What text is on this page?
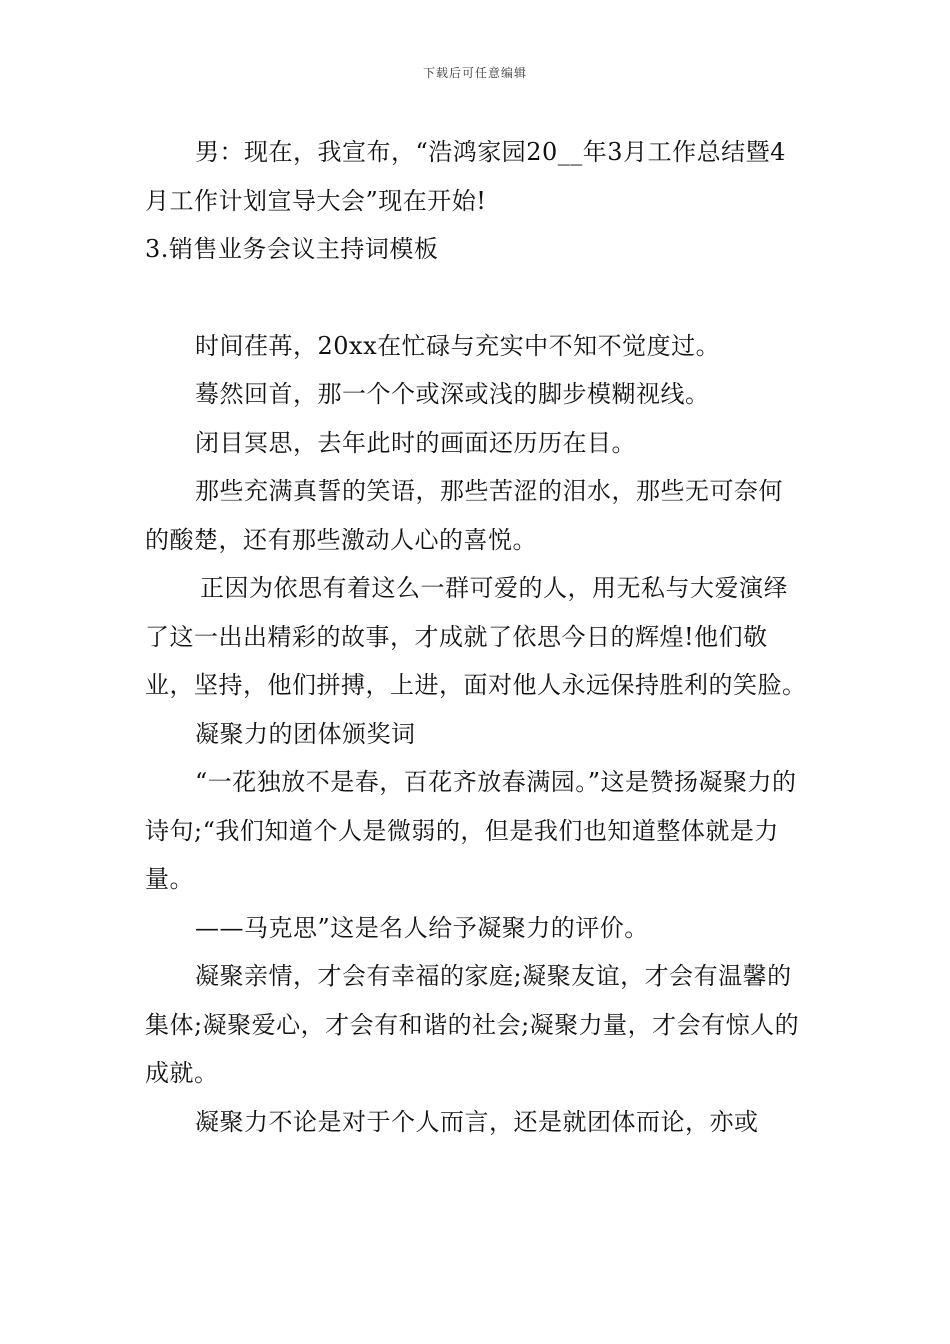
下载后可任意编辑

男：现在，我宣布，“浩鸿家园20__年3月工作总结暨4月工作计划宣导大会”现在开始!

3.销售业务会议主持词模板

时间荏苒，20xx在忙碌与充实中不知不觉度过。

蓦然回首，那一个个或深或浅的脚步模糊视线。

闭目冥思，去年此时的画面还历历在目。

那些充满真誓的笑语，那些苦涩的泪水，那些无可奈何的酸楚，还有那些激动人心的喜悦。

正因为依思有着这么一群可爱的人，用无私与大爱演绎了这一出出精彩的故事，才成就了依思今日的辉煌!他们敬业，坚持，他们拼搏，上进，面对他人永远保持胜利的笑脸。

凝聚力的团体颁奖词

“一花独放不是春，百花齐放春满园。”这是赞扬凝聚力的诗句;“我们知道个人是微弱的，但是我们也知道整体就是力量。

——马克思”这是名人给予凝聚力的评价。

凝聚亲情，才会有幸福的家庭;凝聚友谊，才会有温馨的集体;凝聚爱心，才会有和谐的社会;凝聚力量，才会有惊人的成就。

凝聚力不论是对于个人而言，还是就团体而论，亦或
